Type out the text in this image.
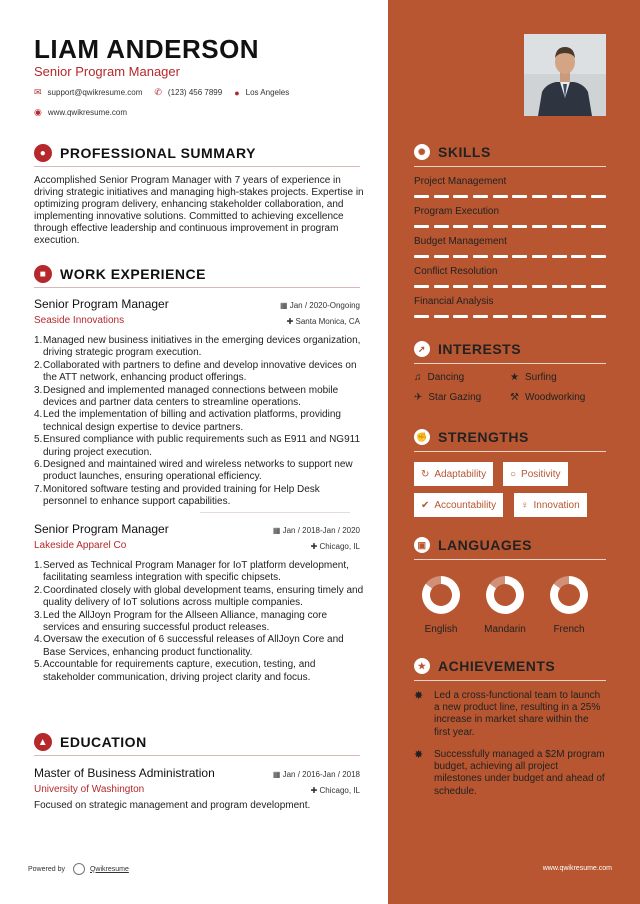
LIAM ANDERSON
Senior Program Manager
✉ support@qwikresume.com ✆ (123) 456 7899 ● Los Angeles
◉ www.qwikresume.com
● PROFESSIONAL SUMMARY
Accomplished Senior Program Manager with 7 years of experience in driving strategic initiatives and managing high-stakes projects. Expertise in optimizing program delivery, enhancing stakeholder collaboration, and implementing innovative solutions. Committed to achieving excellence through effective leadership and continuous improvement in program execution.
■ WORK EXPERIENCE
Senior Program Manager	▦ Jan / 2020-Ongoing
Seaside Innovations	✚ Santa Monica, CA
1. Managed new business initiatives in the emerging devices organization, driving strategic program execution.
2. Collaborated with partners to define and develop innovative devices on the ATT network, enhancing product offerings.
3. Designed and implemented managed connections between mobile devices and partner data centers to streamline operations.
4. Led the implementation of billing and activation platforms, providing technical design expertise to device partners.
5. Ensured compliance with public requirements such as E911 and NG911 during project execution.
6. Designed and maintained wired and wireless networks to support new product launches, ensuring operational efficiency.
7. Monitored software testing and provided training for Help Desk personnel to enhance support capabilities.
Senior Program Manager	▦ Jan / 2018-Jan / 2020
Lakeside Apparel Co	✚ Chicago, IL
1. Served as Technical Program Manager for IoT platform development, facilitating seamless integration with specific chipsets.
2. Coordinated closely with global development teams, ensuring timely and quality delivery of IoT solutions across multiple companies.
3. Led the AllJoyn Program for the Allseen Alliance, managing core services and ensuring successful product releases.
4. Oversaw the execution of 6 successful releases of AllJoyn Core and Base Services, enhancing product functionality.
5. Accountable for requirements capture, execution, testing, and stakeholder communication, driving project clarity and focus.
▲ EDUCATION
Master of Business Administration	▦ Jan / 2016-Jan / 2018
University of Washington	✚ Chicago, IL
Focused on strategic management and program development.
Powered by	Qwikresume	www.qwikresume.com
✺ SKILLS
Project Management
Program Execution
Budget Management
Conflict Resolution
Financial Analysis
➚ INTERESTS
♫ Dancing	★ Surfing
✈ Star Gazing	⚒ Woodworking
✊ STRENGTHS
↻ Adaptability ○ Positivity
✔ Accountability ♀ Innovation
▣ LANGUAGES
English	Mandarin	French
★ ACHIEVEMENTS
✸	Led a cross-functional team to launch a new product line, resulting in a 25% increase in market share within the first year.
✸	Successfully managed a $2M program budget, achieving all project milestones under budget and ahead of schedule.
